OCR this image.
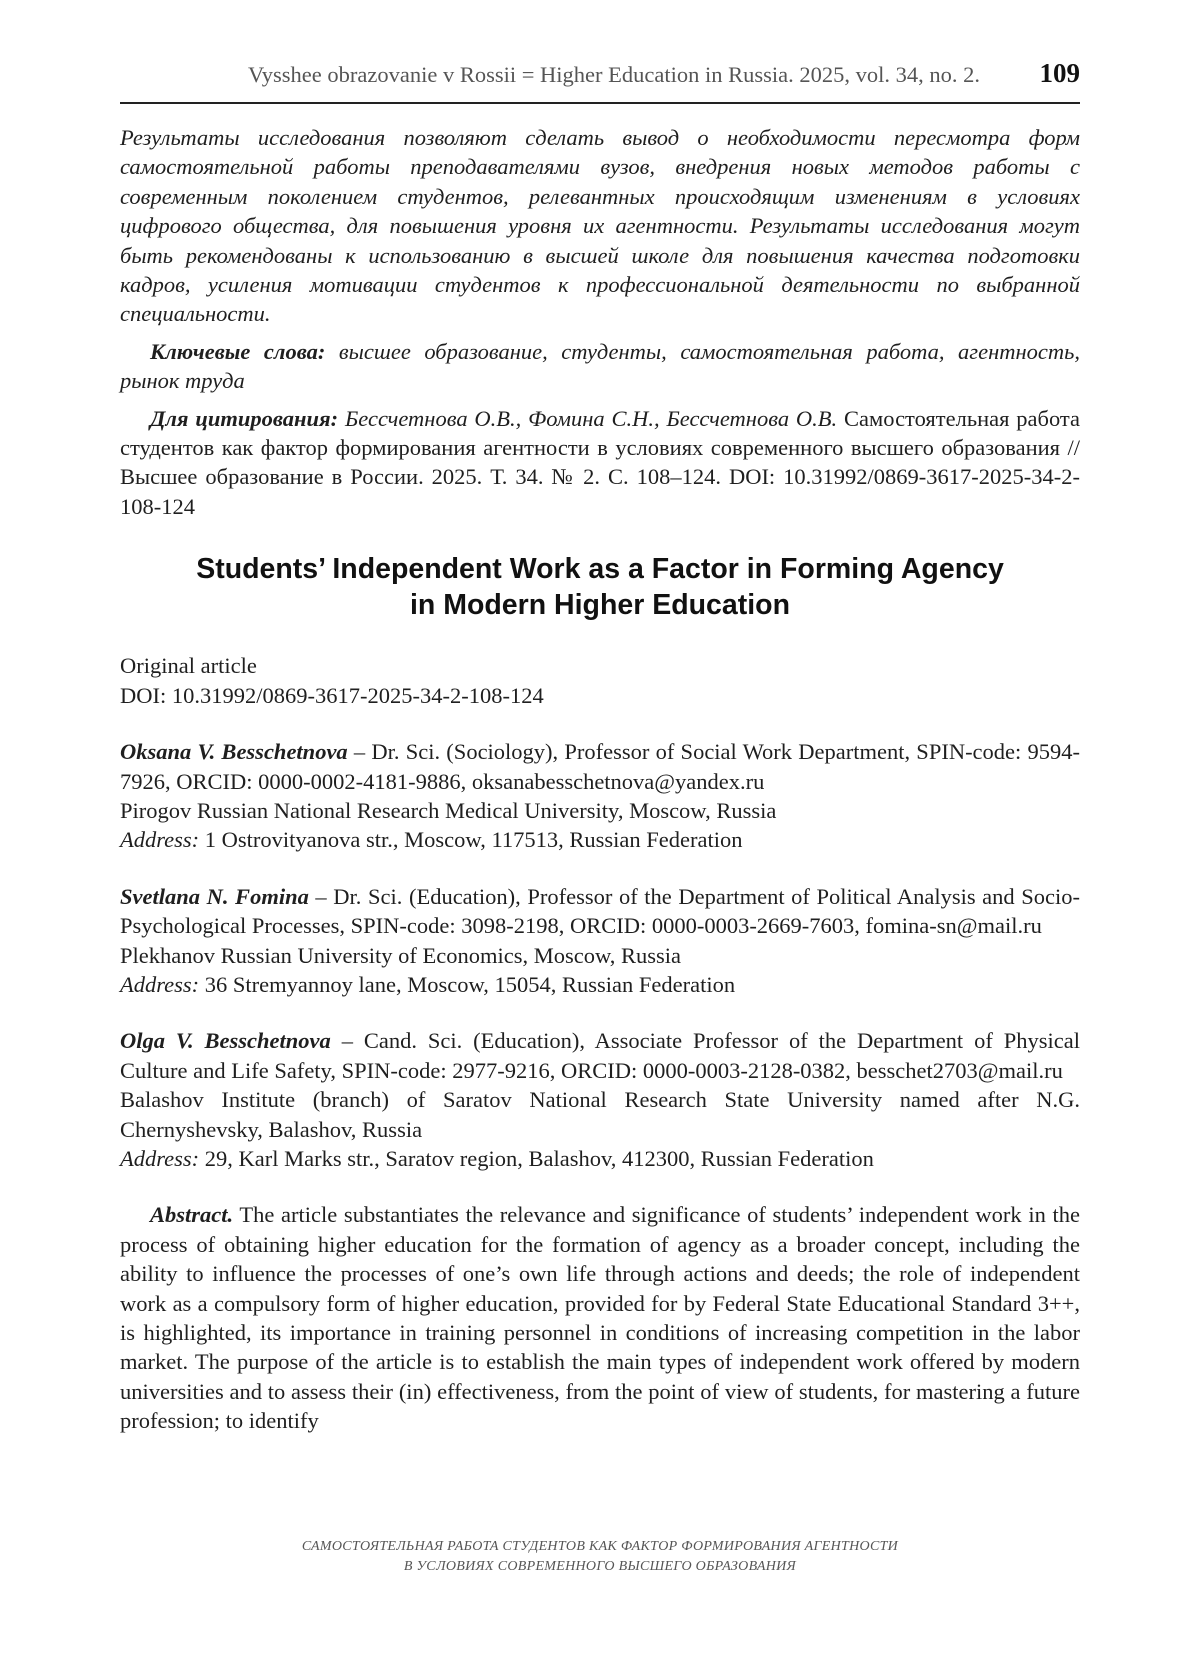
Vysshee obrazovanie v Rossii = Higher Education in Russia. 2025, vol. 34, no. 2. 109

Результаты исследования позволяют сделать вывод о необходимости пересмотра форм самостоятельной работы преподавателями вузов, внедрения новых методов работы с современным поколением студентов, релевантных происходящим изменениям в условиях цифрового общества, для повышения уровня их агентности. Результаты исследования могут быть рекомендованы к использованию в высшей школе для повышения качества подготовки кадров, усиления мотивации студентов к профессиональной деятельности по выбранной специальности.

Ключевые слова: высшее образование, студенты, самостоятельная работа, агентность, рынок труда

Для цитирования: Бессчетнова О.В., Фомина С.Н., Бессчетнова О.В. Самостоятельная работа студентов как фактор формирования агентности в условиях современного высшего образования // Высшее образование в России. 2025. Т. 34. № 2. С. 108–124. DOI: 10.31992/0869-3617-2025-34-2-108-124

Students’ Independent Work as a Factor in Forming Agency
in Modern Higher Education
Original article
DOI: 10.31992/0869-3617-2025-34-2-108-124

Oksana V. Besschetnova – Dr. Sci. (Sociology), Professor of Social Work Department, SPIN-code: 9594-7926, ORCID: 0000-0002-4181-9886, oksanabesschetnova@yandex.ru

Pirogov Russian National Research Medical University, Moscow, Russia

Address: 1 Ostrovityanova str., Moscow, 117513, Russian Federation

Svetlana N. Fomina – Dr. Sci. (Education), Professor of the Department of Political Analysis and Socio-Psychological Processes, SPIN-code: 3098-2198, ORCID: 0000-0003-2669-7603, fomina-sn@mail.ru

Plekhanov Russian University of Economics, Moscow, Russia

Address: 36 Stremyannoy lane, Moscow, 15054, Russian Federation

Olga V. Besschetnova – Cand. Sci. (Education), Associate Professor of the Department of Physical Culture and Life Safety, SPIN-code: 2977-9216, ORCID: 0000-0003-2128-0382, besschet2703@mail.ru

Balashov Institute (branch) of Saratov National Research State University named after N.G. Chernyshevsky, Balashov, Russia

Address: 29, Karl Marks str., Saratov region, Balashov, 412300, Russian Federation

Abstract. The article substantiates the relevance and significance of students’ independent work in the process of obtaining higher education for the formation of agency as a broader concept, including the ability to influence the processes of one’s own life through actions and deeds; the role of independent work as a compulsory form of higher education, provided for by Federal State Educational Standard 3++, is highlighted, its importance in training personnel in conditions of increasing competition in the labor market. The purpose of the article is to establish the main types of independent work offered by modern universities and to assess their (in) effectiveness, from the point of view of students, for mastering a future profession; to identify

САМОСТОЯТЕЛЬНАЯ РАБОТА СТУДЕНТОВ КАК ФАКТОР ФОРМИРОВАНИЯ АГЕНТНОСТИ
В УСЛОВИЯХ СОВРЕМЕННОГО ВЫСШЕГО ОБРАЗОВАНИЯ
